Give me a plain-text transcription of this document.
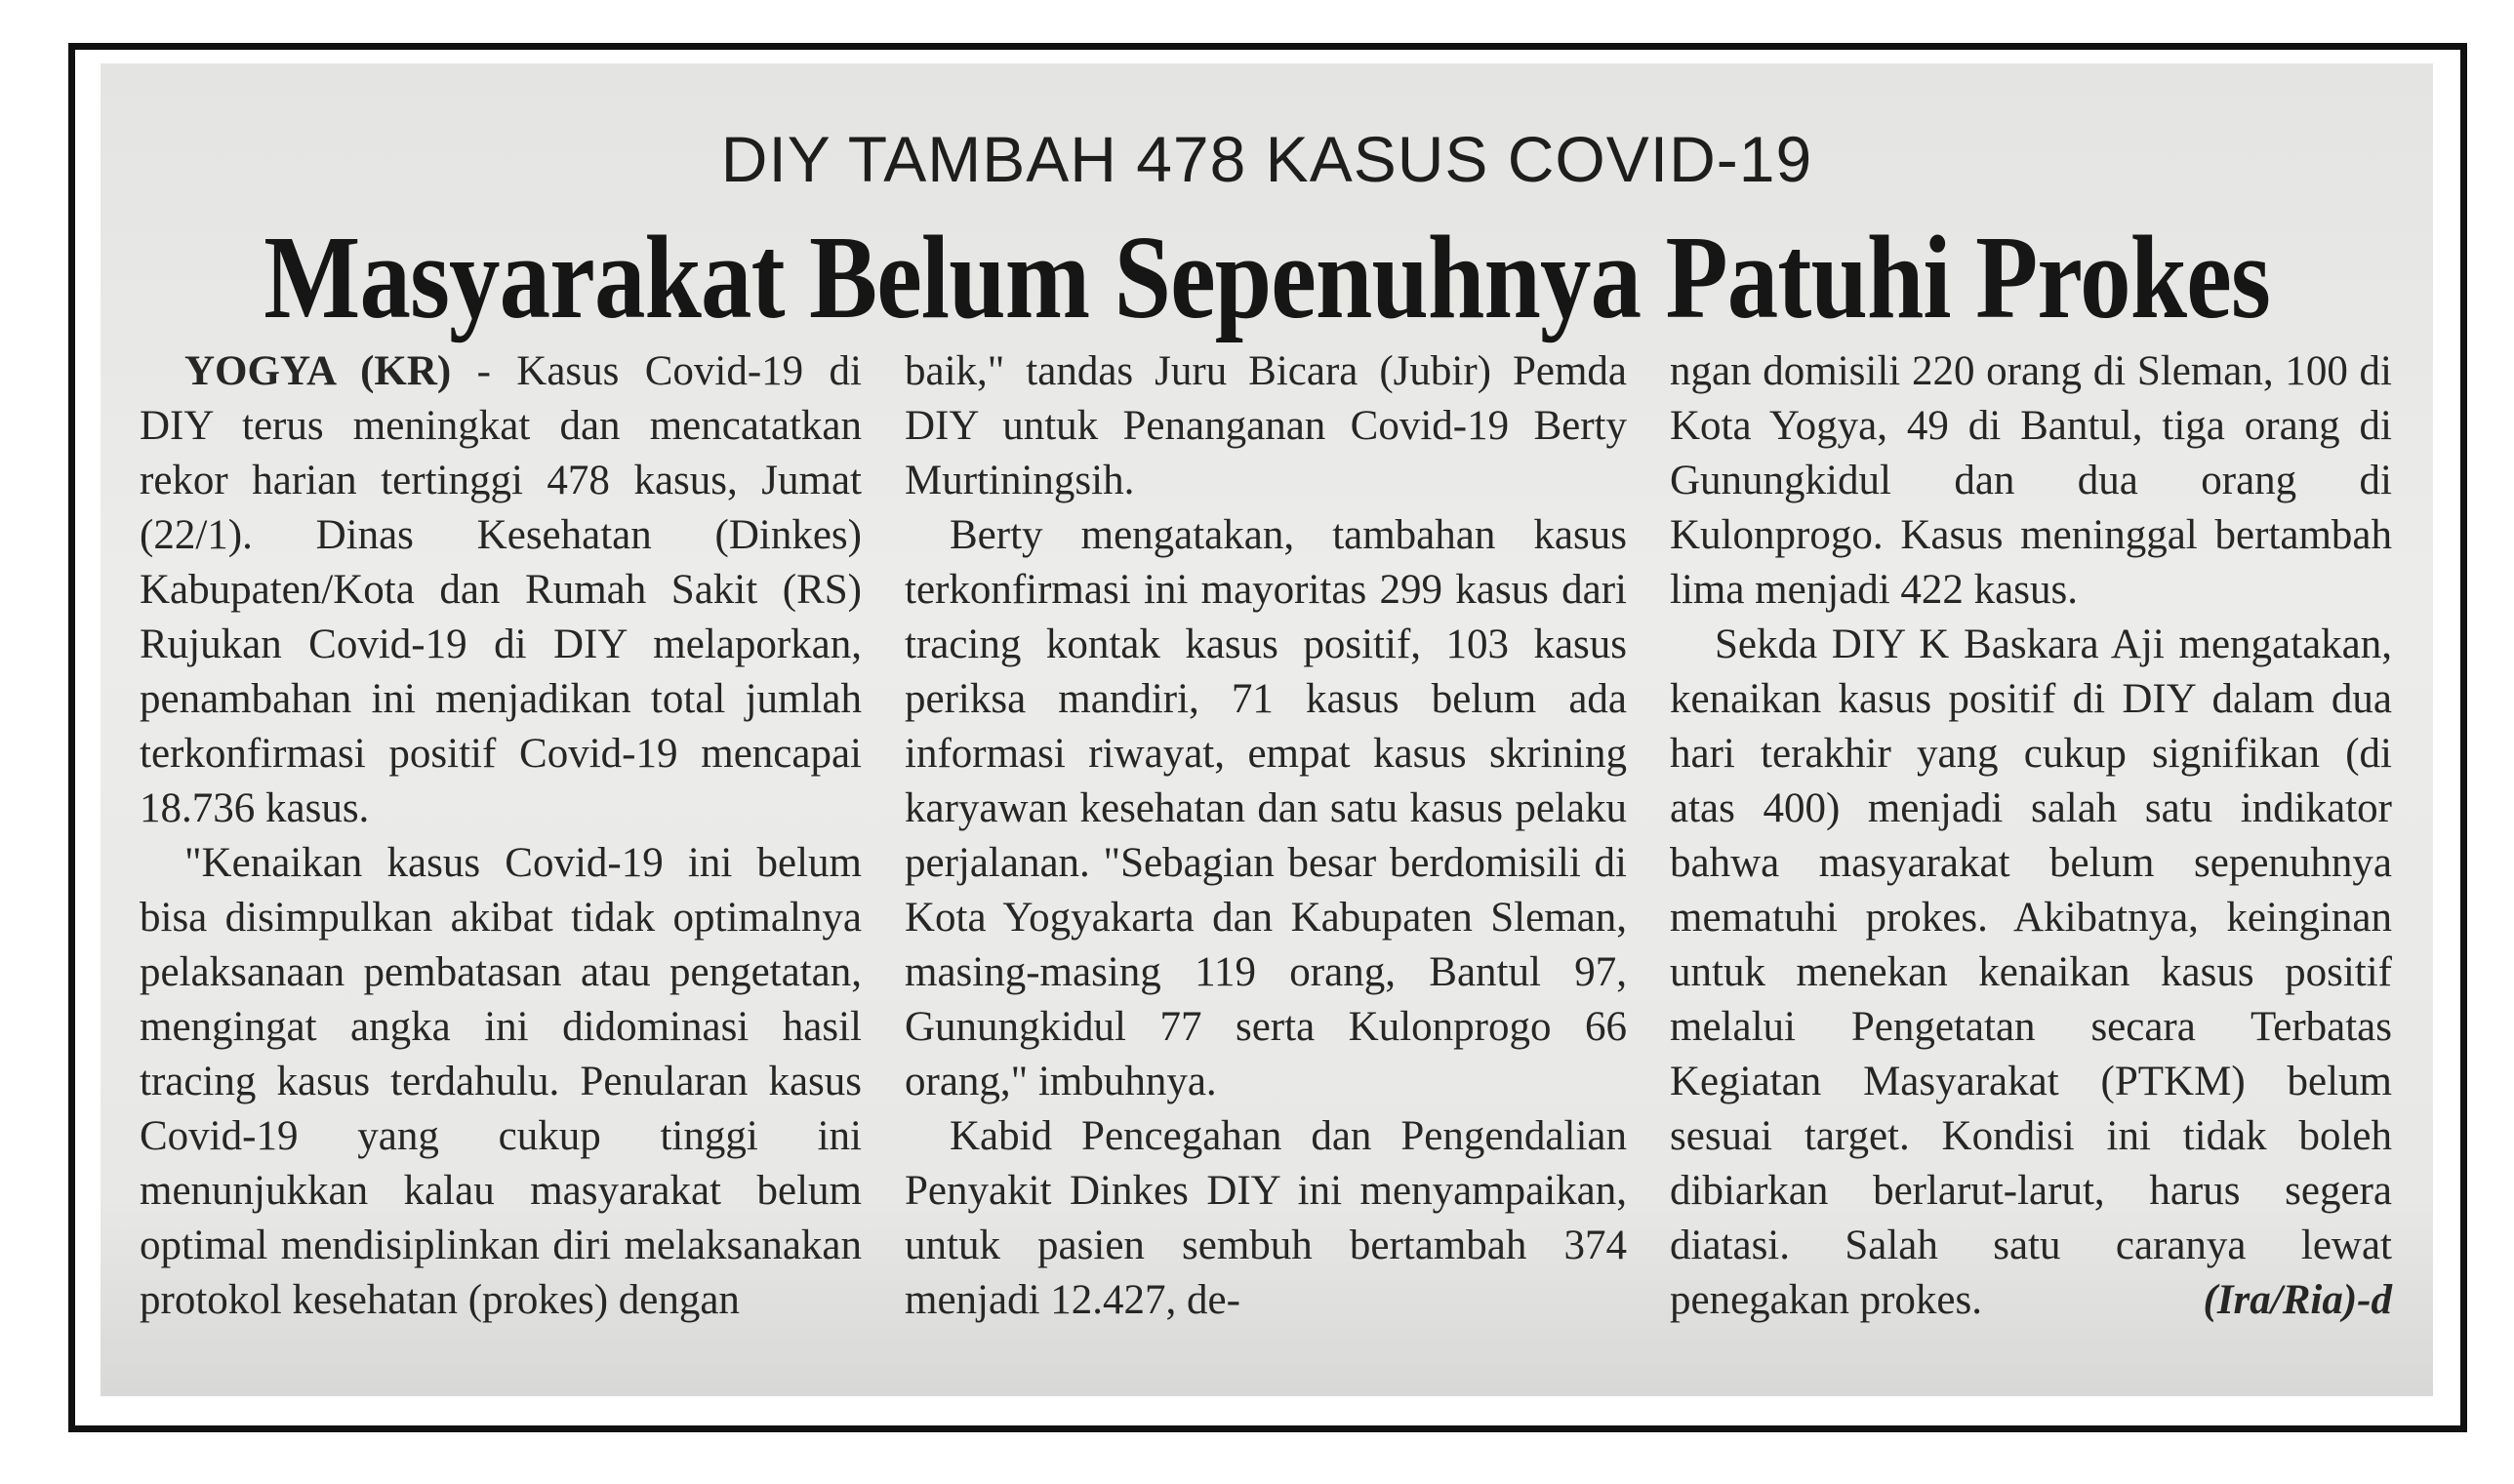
DIY TAMBAH 478 KASUS COVID-19
Masyarakat Belum Sepenuhnya Patuhi Prokes

YOGYA (KR) - Kasus Covid-19 di DIY terus meningkat dan mencatatkan rekor harian tertinggi 478 kasus, Jumat (22/1). Dinas Kesehatan (Dinkes) Kabupaten/Kota dan Rumah Sakit (RS) Rujukan Covid-19 di DIY melaporkan, penambahan ini menjadikan total jumlah terkonfirmasi positif Covid-19 mencapai 18.736 kasus.

"Kenaikan kasus Covid-19 ini belum bisa disimpulkan akibat tidak optimalnya pelaksanaan pembatasan atau pengetatan, mengingat angka ini didominasi hasil tracing kasus terdahulu. Penularan kasus Covid-19 yang cukup tinggi ini menunjukkan kalau masyarakat belum optimal mendisiplinkan diri melaksanakan protokol kesehatan (prokes) dengan

baik," tandas Juru Bicara (Jubir) Pemda DIY untuk Penanganan Covid-19 Berty Murtiningsih.

Berty mengatakan, tambahan kasus terkonfirmasi ini mayoritas 299 kasus dari tracing kontak kasus positif, 103 kasus periksa mandiri, 71 kasus belum ada informasi riwayat, empat kasus skrining karyawan kesehatan dan satu kasus pelaku perjalanan. "Sebagian besar berdomisili di Kota Yogyakarta dan Kabupaten Sleman, masing-masing 119 orang, Bantul 97, Gunungkidul 77 serta Kulonprogo 66 orang," imbuhnya.

Kabid Pencegahan dan Pengendalian Penyakit Dinkes DIY ini menyampaikan, untuk pasien sembuh bertambah 374 menjadi 12.427, de-

ngan domisili 220 orang di Sleman, 100 di Kota Yogya, 49 di Bantul, tiga orang di Gunungkidul dan dua orang di Kulonprogo. Kasus meninggal bertambah lima menjadi 422 kasus.

Sekda DIY K Baskara Aji mengatakan, kenaikan kasus positif di DIY dalam dua hari terakhir yang cukup signifikan (di atas 400) menjadi salah satu indikator bahwa masyarakat belum sepenuhnya mematuhi prokes. Akibatnya, keinginan untuk menekan kenaikan kasus positif melalui Pengetatan secara Terbatas Kegiatan Masyarakat (PTKM) belum sesuai target. Kondisi ini tidak boleh dibiarkan berlarut-larut, harus segera diatasi. Salah satu caranya lewat penegakan prokes.	(Ira/Ria)-d
